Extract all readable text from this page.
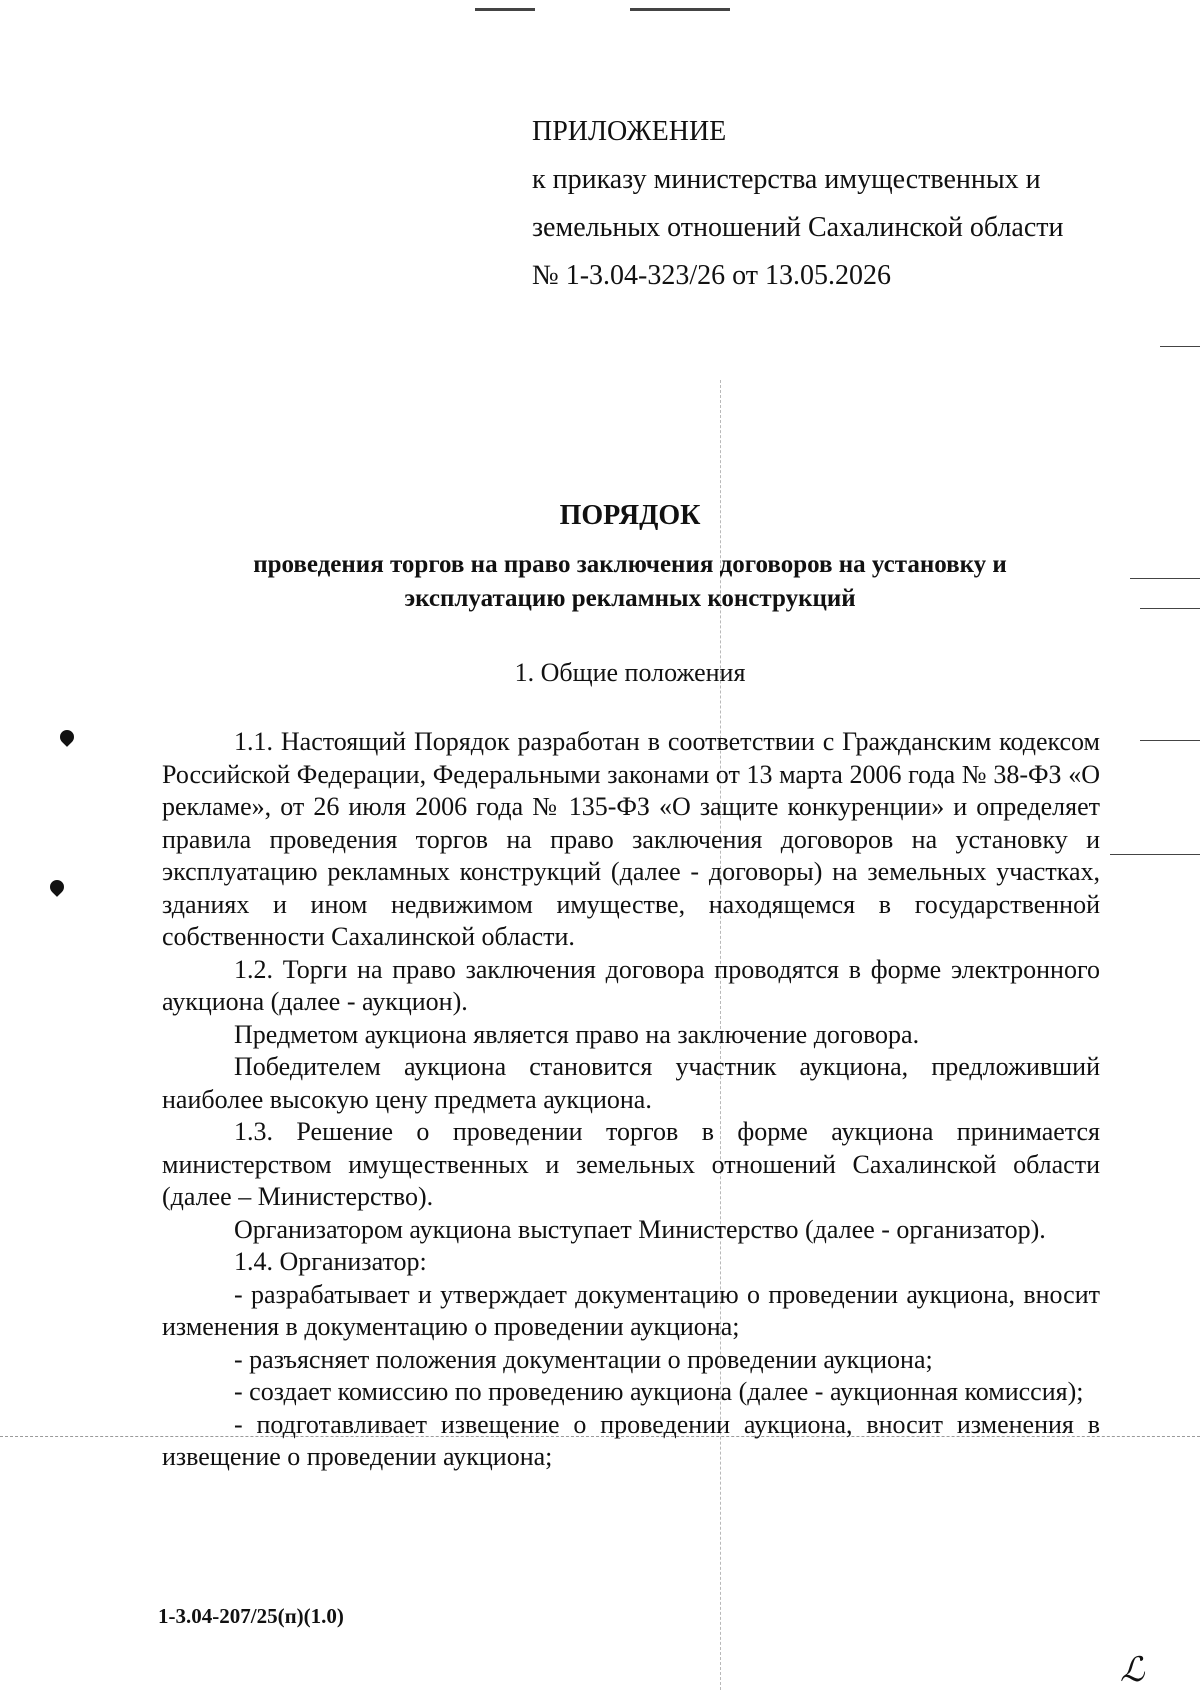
ПРИЛОЖЕНИЕ
к приказу министерства имущественных и
земельных отношений Сахалинской области
№ 1-3.04-323/26 от 13.05.2026
ПОРЯДОК
проведения торгов на право заключения договоров на установку и
эксплуатацию рекламных конструкций
1. Общие положения

1.1. Настоящий Порядок разработан в соответствии с Гражданским кодексом Российской Федерации, Федеральными законами от 13 марта 2006 года № 38-ФЗ «О рекламе», от 26 июля 2006 года № 135-ФЗ «О защите конкуренции» и определяет правила проведения торгов на право заключения договоров на установку и эксплуатацию рекламных конструкций (далее - договоры) на земельных участках, зданиях и ином недвижимом имуществе, находящемся в государственной собственности Сахалинской области.

1.2. Торги на право заключения договора проводятся в форме электронного аукциона (далее - аукцион).

Предметом аукциона является право на заключение договора.

Победителем аукциона становится участник аукциона, предложивший наиболее высокую цену предмета аукциона.

1.3. Решение о проведении торгов в форме аукциона принимается министерством имущественных и земельных отношений Сахалинской области (далее – Министерство).

Организатором аукциона выступает Министерство (далее - организатор).

1.4. Организатор:

- разрабатывает и утверждает документацию о проведении аукциона, вносит изменения в документацию о проведении аукциона;

- разъясняет положения документации о проведении аукциона;

- создает комиссию по проведению аукциона (далее - аукционная комиссия);

- подготавливает извещение о проведении аукциона, вносит изменения в извещение о проведении аукциона;

1-3.04-207/25(п)(1.0)
ℒ
